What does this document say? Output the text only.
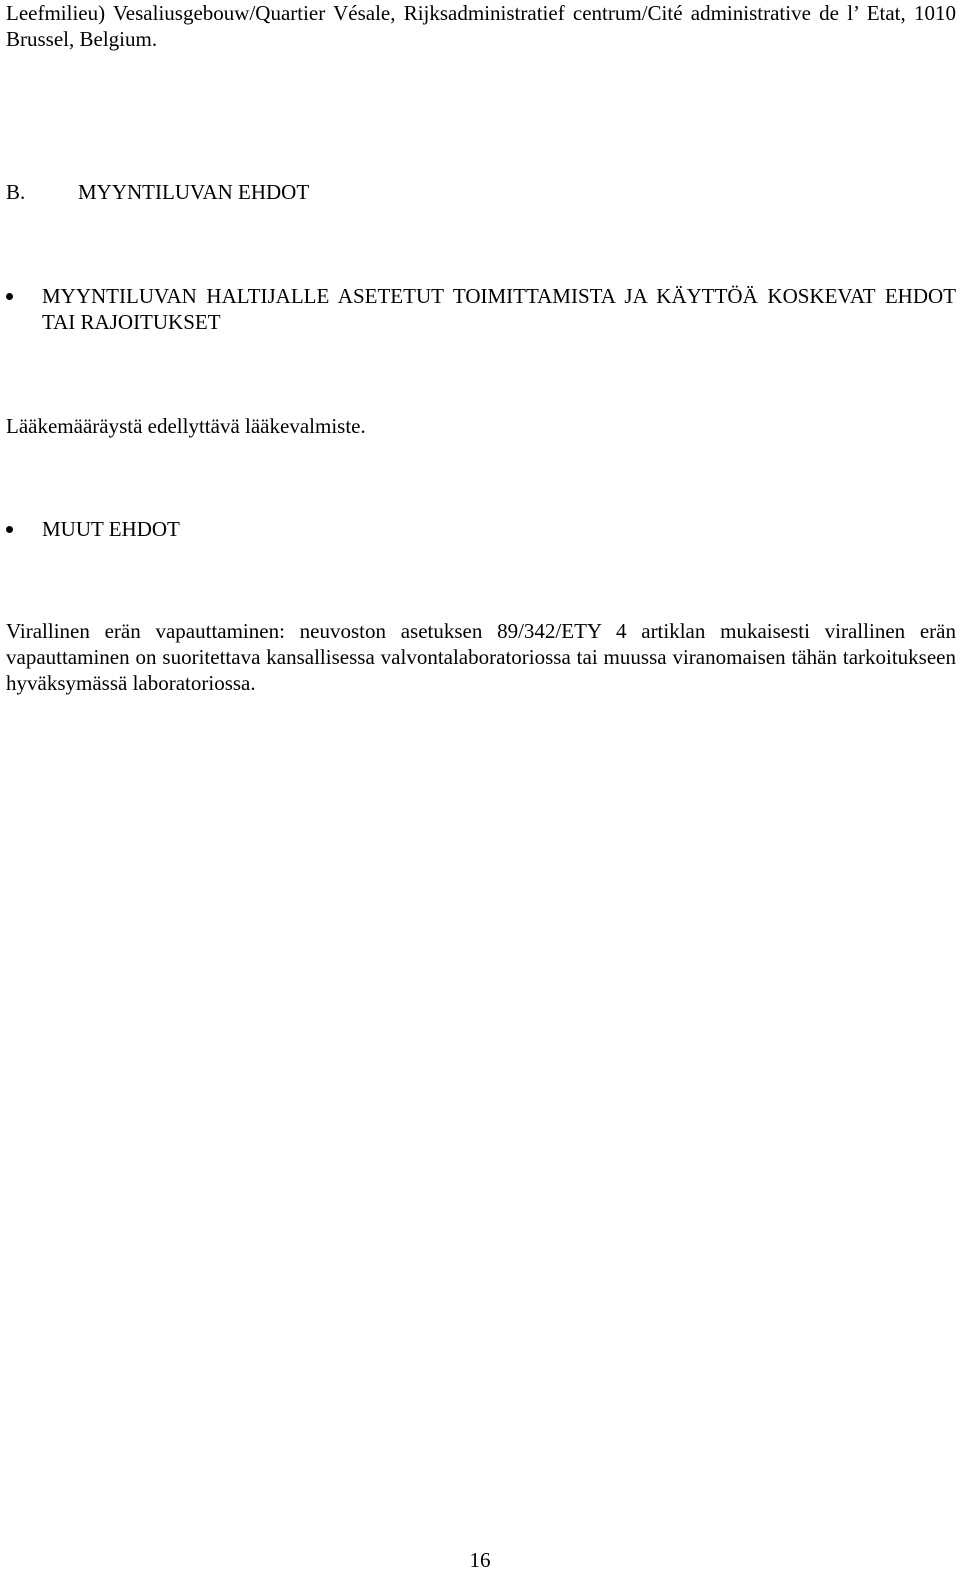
Leefmilieu) Vesaliusgebouw/Quartier Vésale, Rijksadministratief centrum/Cité administrative de l’ Etat, 1010 Brussel, Belgium.
B.	MYYNTILUVAN EHDOT
MYYNTILUVAN HALTIJALLE ASETETUT TOIMITTAMISTA JA KÄYTTÖÄ KOSKEVAT EHDOT TAI RAJOITUKSET
Lääkemääräystä edellyttävä lääkevalmiste.
MUUT EHDOT
Virallinen erän vapauttaminen: neuvoston asetuksen 89/342/ETY 4 artiklan mukaisesti virallinen erän vapauttaminen on suoritettava kansallisessa valvontalaboratoriossa tai muussa viranomaisen tähän tarkoitukseen hyväksymässä laboratoriossa.
16
